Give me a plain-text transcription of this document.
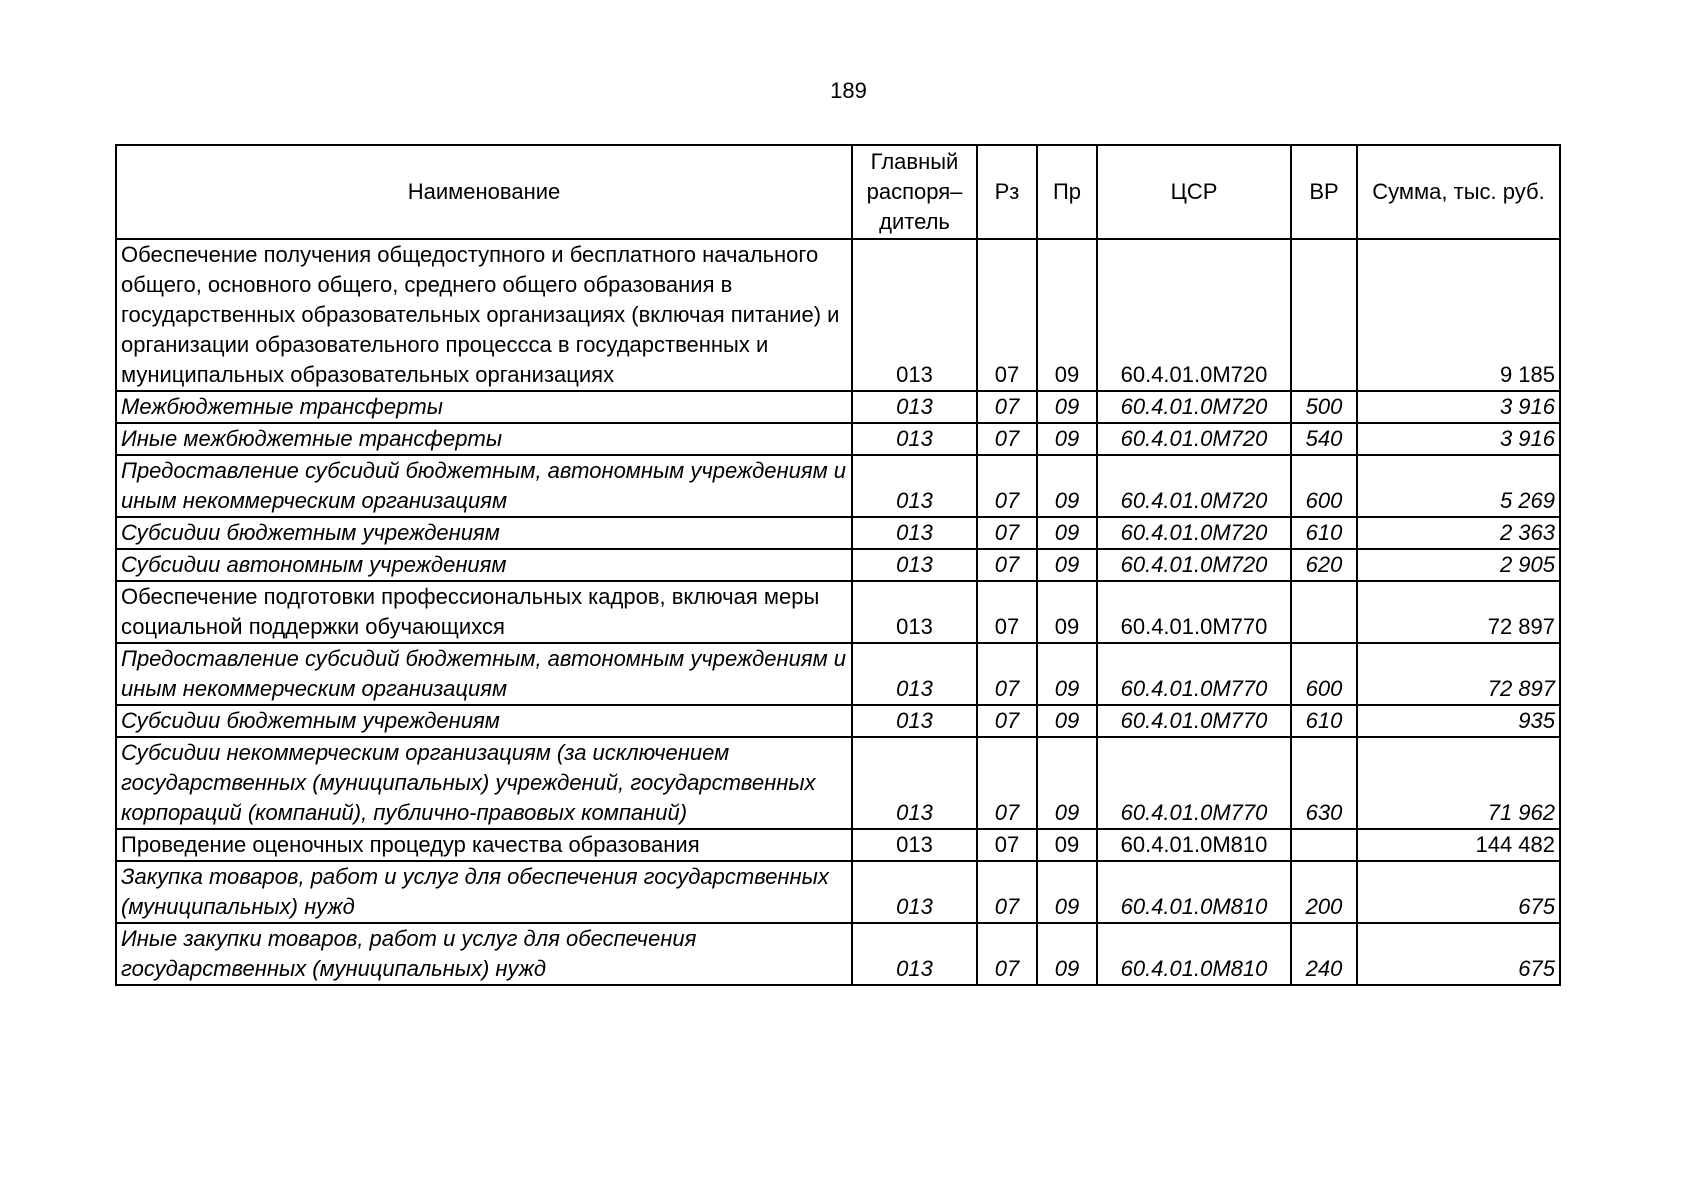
189
Наименование	Главный распоря–дитель	Рз	Пр	ЦСР	ВР	Сумма, тыс. руб.
Обеспечение получения общедоступного и бесплатного начального общего, основного общего, среднего общего образования в государственных образовательных организациях (включая питание) и организации образовательного процессса в государственных и муниципальных образовательных организациях	013	07	09	60.4.01.0М720		9 185
Межбюджетные трансферты	013	07	09	60.4.01.0М720	500	3 916
Иные межбюджетные трансферты	013	07	09	60.4.01.0М720	540	3 916
Предоставление субсидий бюджетным, автономным учреждениям и иным некоммерческим организациям	013	07	09	60.4.01.0М720	600	5 269
Субсидии бюджетным учреждениям	013	07	09	60.4.01.0М720	610	2 363
Субсидии автономным учреждениям	013	07	09	60.4.01.0М720	620	2 905
Обеспечение подготовки профессиональных кадров, включая меры социальной поддержки обучающихся	013	07	09	60.4.01.0М770		72 897
Предоставление субсидий бюджетным, автономным учреждениям и иным некоммерческим организациям	013	07	09	60.4.01.0М770	600	72 897
Субсидии бюджетным учреждениям	013	07	09	60.4.01.0М770	610	935
Субсидии некоммерческим организациям (за исключением государственных (муниципальных) учреждений, государственных корпораций (компаний), публично-правовых компаний)	013	07	09	60.4.01.0М770	630	71 962
Проведение оценочных процедур качества образования	013	07	09	60.4.01.0М810		144 482
Закупка товаров, работ и услуг для обеспечения государственных (муниципальных) нужд	013	07	09	60.4.01.0М810	200	675
Иные закупки товаров, работ и услуг для обеспечения государственных (муниципальных) нужд	013	07	09	60.4.01.0М810	240	675
